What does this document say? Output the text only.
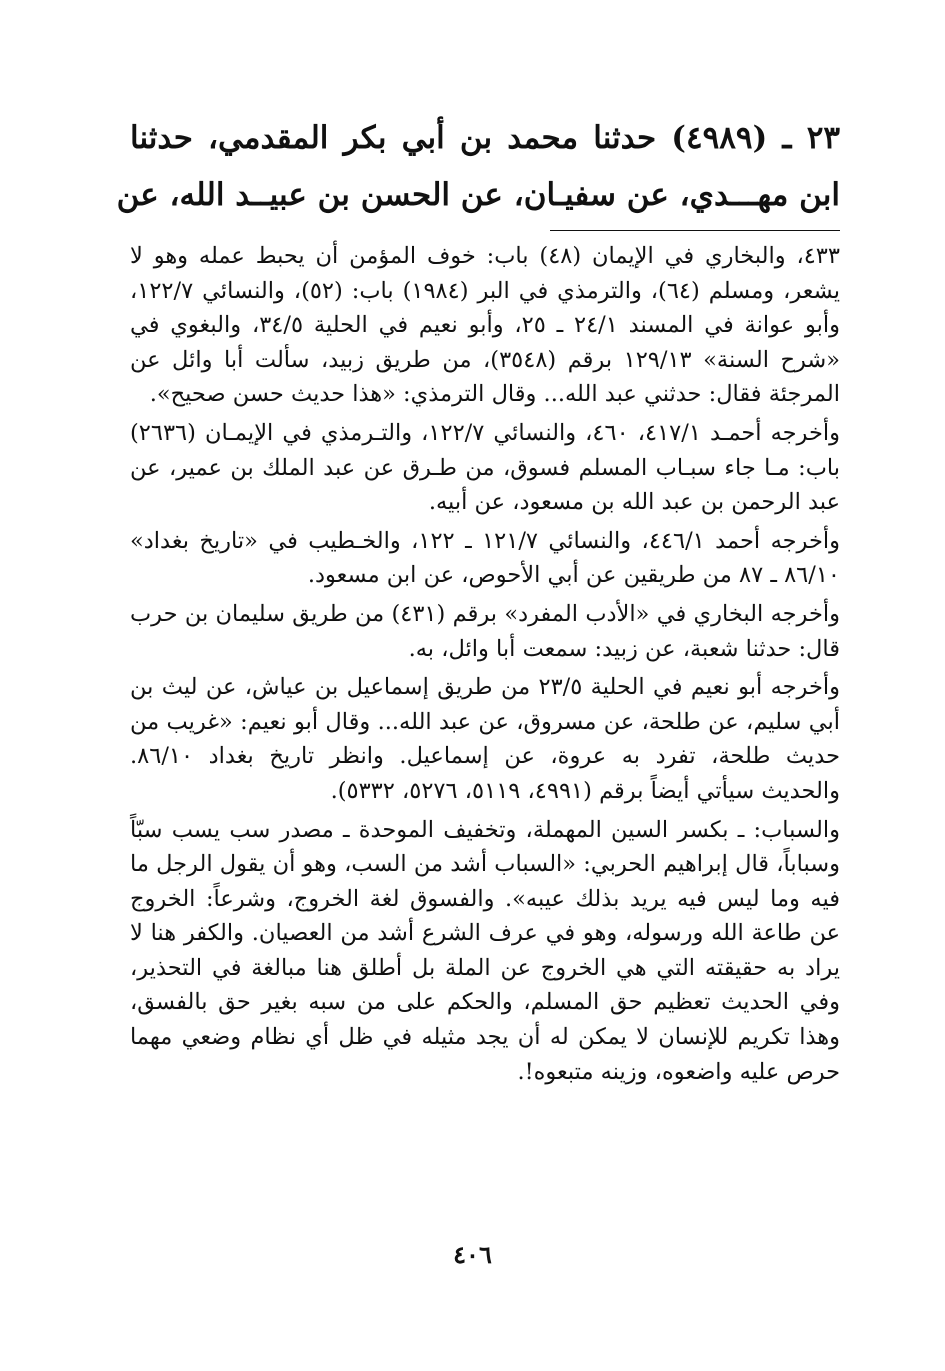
٢٣ ـ (٤٩٨٩) حدثنا محمد بن أبي بكر المقدمي، حدثنا
ابن مهـــدي، عن سفيـان، عن الحسن بن عبيــد الله، عن

٤٣٣، والبخاري في الإيمان (٤٨) باب: خوف المؤمن أن يحبط عمله وهو لا يشعر، ومسلم (٦٤)، والترمذي في البر (١٩٨٤) باب: (٥٢)، والنسائي ١٢٢/٧، وأبو عوانة في المسند ٢٤/١ ـ ٢٥، وأبو نعيم في الحلية ٣٤/٥، والبغوي في «شرح السنة» ١٢٩/١٣ برقم (٣٥٤٨)، من طريق زبيد، سألت أبا وائل عن المرجئة فقال: حدثني عبد الله... وقال الترمذي: «هذا حديث حسن صحيح».

وأخرجه أحمـد ٤١٧/١، ٤٦٠، والنسائي ١٢٢/٧، والتـرمذي في الإيمـان (٢٦٣٦) باب: مـا جاء سبـاب المسلم فسوق، من طـرق عن عبد الملك بن عمير، عن عبد الرحمن بن عبد الله بن مسعود، عن أبيه.

وأخرجه أحمد ٤٤٦/١، والنسائي ١٢١/٧ ـ ١٢٢، والخـطيب في «تاريخ بغداد» ٨٦/١٠ ـ ٨٧ من طريقين عن أبي الأحوص، عن ابن مسعود.

وأخرجه البخاري في «الأدب المفرد» برقم (٤٣١) من طريق سليمان بن حرب قال: حدثنا شعبة، عن زبيد: سمعت أبا وائل، به.

وأخرجه أبو نعيم في الحلية ٢٣/٥ من طريق إسماعيل بن عياش، عن ليث بن أبي سليم، عن طلحة، عن مسروق، عن عبد الله... وقال أبو نعيم: «غريب من حديث طلحة، تفرد به عروة، عن إسماعيل. وانظر تاريخ بغداد ٨٦/١٠. والحديث سيأتي أيضاً برقم (٤٩٩١، ٥١١٩، ٥٢٧٦، ٥٣٣٢).

والسباب: ـ بكسر السين المهملة، وتخفيف الموحدة ـ مصدر سب يسب سبّاً وسباباً، قال إبراهيم الحربي: «السباب أشد من السب، وهو أن يقول الرجل ما فيه وما ليس فيه يريد بذلك عيبه». والفسوق لغة الخروج، وشرعاً: الخروج عن طاعة الله ورسوله، وهو في عرف الشرع أشد من العصيان. والكفر هنا لا يراد به حقيقته التي هي الخروج عن الملة بل أطلق هنا مبالغة في التحذير، وفي الحديث تعظيم حق المسلم، والحكم على من سبه بغير حق بالفسق، وهذا تكريم للإنسان لا يمكن له أن يجد مثيله في ظل أي نظام وضعي مهما حرص عليه واضعوه، وزينه متبعوه!.

٤٠٦
